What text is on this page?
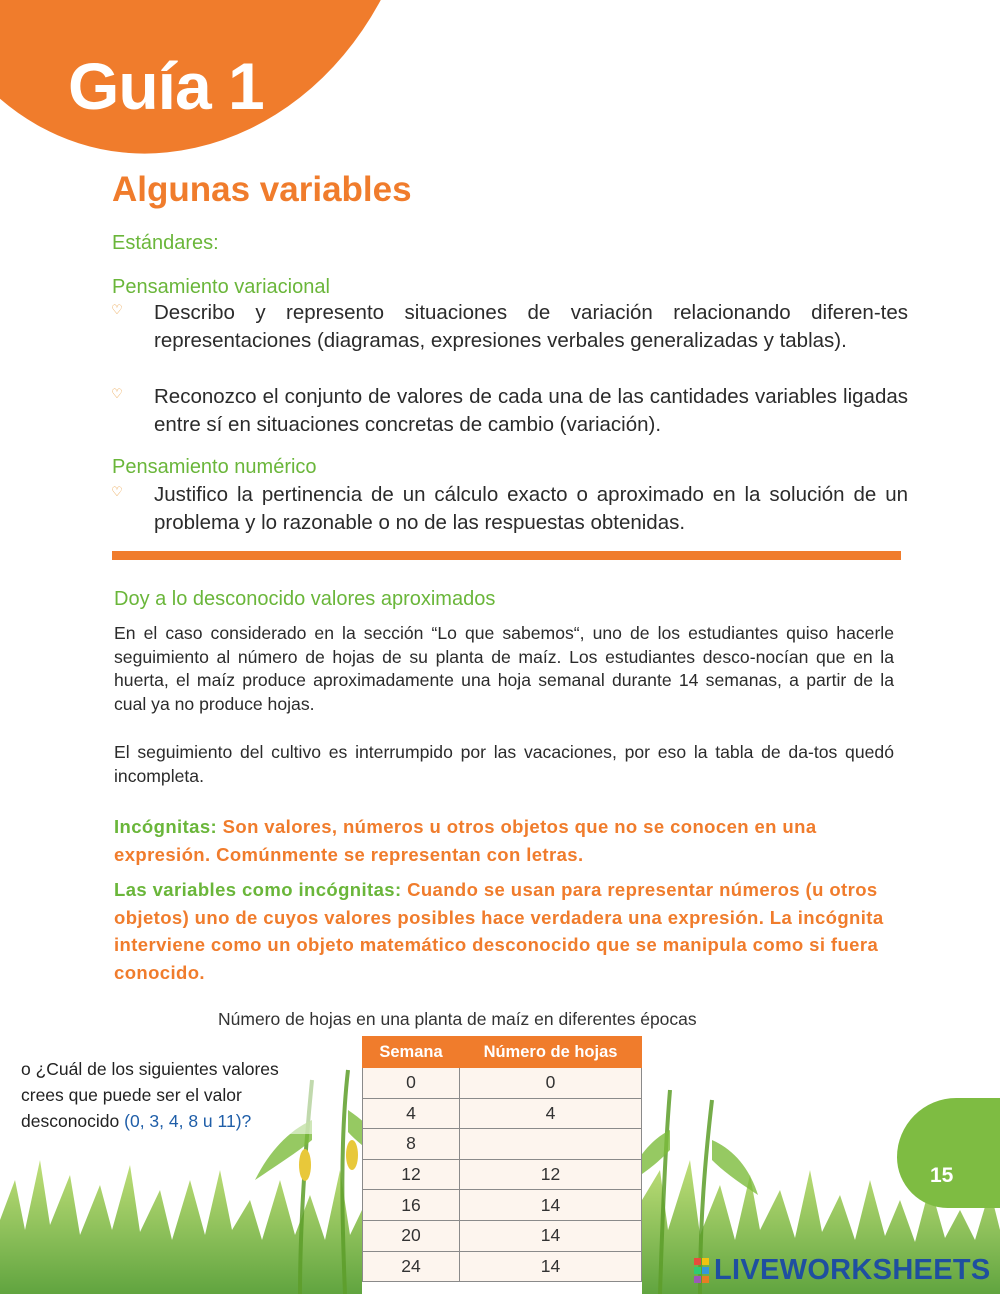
Guía 1
Algunas variables
Estándares:
Pensamiento variacional
♡ Describo y represento situaciones de variación relacionando diferen-tes representaciones (diagramas, expresiones verbales generalizadas y tablas).
♡ Reconozco el conjunto de valores de cada una de las cantidades variables ligadas entre sí en situaciones concretas de cambio (variación).
Pensamiento numérico
♡ Justifico la pertinencia de un cálculo exacto o aproximado en la solución de un problema y lo razonable o no de las respuestas obtenidas.
Doy a lo desconocido valores aproximados
En el caso considerado en la sección “Lo que sabemos“, uno de los estudiantes quiso hacerle seguimiento al número de hojas de su planta de maíz. Los estudiantes desco-nocían que en la huerta, el maíz produce aproximadamente una hoja semanal durante 14 semanas, a partir de la cual ya no produce hojas.
El seguimiento del cultivo es interrumpido por las vacaciones, por eso la tabla de da-tos quedó incompleta.
Incógnitas: Son valores, números u otros objetos que no se conocen en una expresión. Comúnmente se representan con letras.
Las variables como incógnitas: Cuando se usan para representar números (u otros objetos) uno de cuyos valores posibles hace verdadera una expresión. La incógnita interviene como un objeto matemático desconocido que se manipula como si fuera conocido.
Número de hojas en una planta de maíz en diferentes épocas
o ¿Cuál de los siguientes valores crees que puede ser el valor desconocido (0, 3, 4, 8 u 11)?
Semana	Número de hojas
0	0
4	4
8	
12	12
16	14
20	14
24	14
15
LIVEWORKSHEETS
